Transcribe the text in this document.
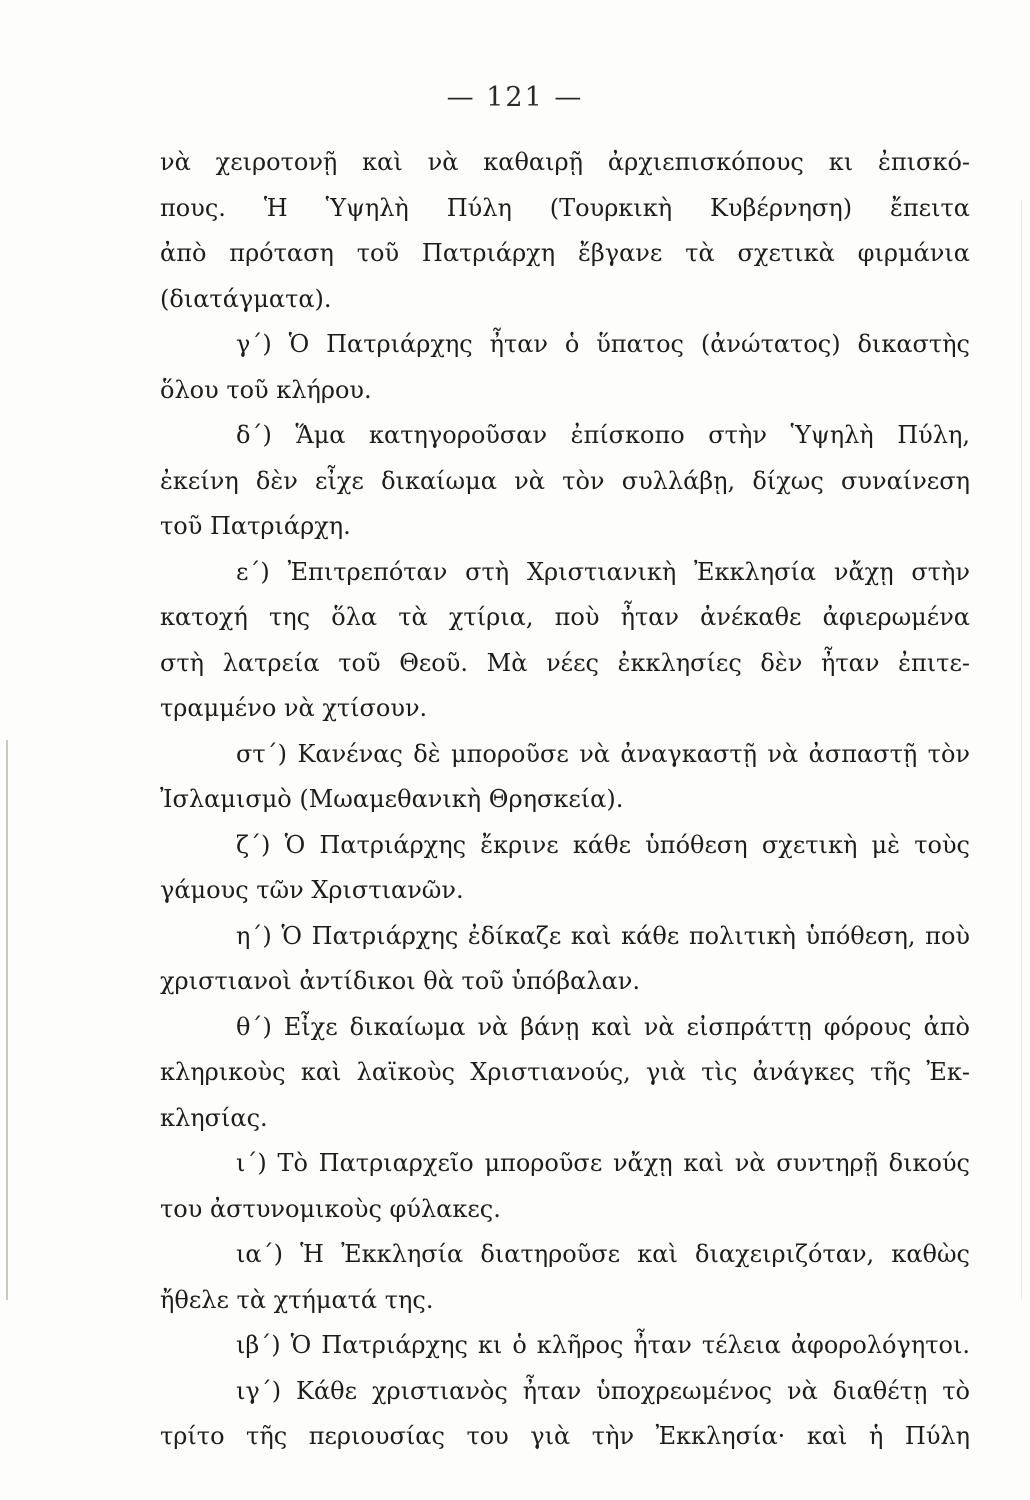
— 121 —
νὰ χειροτονῇ καὶ νὰ καθαιρῇ ἀρχιεπισκόπους κι ἐπισκό-
πους. Ἡ Ὑψηλὴ Πύλη (Τουρκικὴ Κυβέρνηση) ἔπειτα
ἀπὸ πρόταση τοῦ Πατριάρχη ἔβγανε τὰ σχετικὰ φιρμάνια
(διατάγματα).
γ΄) Ὁ Πατριάρχης ἦταν ὁ ὕπατος (ἀνώτατος) δικαστὴς
ὅλου τοῦ κλήρου.
δ΄) Ἅμα κατηγοροῦσαν ἐπίσκοπο στὴν Ὑψηλὴ Πύλη,
ἐκείνη δὲν εἶχε δικαίωμα νὰ τὸν συλλάβῃ, δίχως συναίνεση
τοῦ Πατριάρχη.
ε΄) Ἐπιτρεπόταν στὴ Χριστιανικὴ Ἐκκλησία νἄχῃ στὴν
κατοχή της ὅλα τὰ χτίρια, ποὺ ἦταν ἀνέκαθε ἀφιερωμένα
στὴ λατρεία τοῦ Θεοῦ. Μὰ νέες ἐκκλησίες δὲν ἦταν ἐπιτε-
τραμμένο νὰ χτίσουν.
στ΄) Κανένας δὲ μποροῦσε νὰ ἀναγκαστῇ νὰ ἀσπαστῇ τὸν
Ἰσλαμισμὸ (Μωαμεθανικὴ Θρησκεία).
ζ΄) Ὁ Πατριάρχης ἔκρινε κάθε ὑπόθεση σχετικὴ μὲ τοὺς
γάμους τῶν Χριστιανῶν.
η΄) Ὁ Πατριάρχης ἐδίκαζε καὶ κάθε πολιτικὴ ὑπόθεση, ποὺ
χριστιανοὶ ἀντίδικοι θὰ τοῦ ὑπόβαλαν.
θ΄) Εἶχε δικαίωμα νὰ βάνῃ καὶ νὰ εἰσπράττῃ φόρους ἀπὸ
κληρικοὺς καὶ λαϊκοὺς Χριστιανούς, γιὰ τὶς ἀνάγκες τῆς Ἐκ-
κλησίας.
ι΄) Τὸ Πατριαρχεῖο μποροῦσε νἄχῃ καὶ νὰ συντηρῇ δικούς
του ἀστυνομικοὺς φύλακες.
ια΄) Ἡ Ἐκκλησία διατηροῦσε καὶ διαχειριζόταν, καθὼς
ἤθελε τὰ χτήματά της.
ιβ΄) Ὁ Πατριάρχης κι ὁ κλῆρος ἦταν τέλεια ἀφορολόγητοι.
ιγ΄) Κάθε χριστιανὸς ἦταν ὑποχρεωμένος νὰ διαθέτῃ τὸ
τρίτο τῆς περιουσίας του γιὰ τὴν Ἐκκλησία· καὶ ἡ Πύλη
